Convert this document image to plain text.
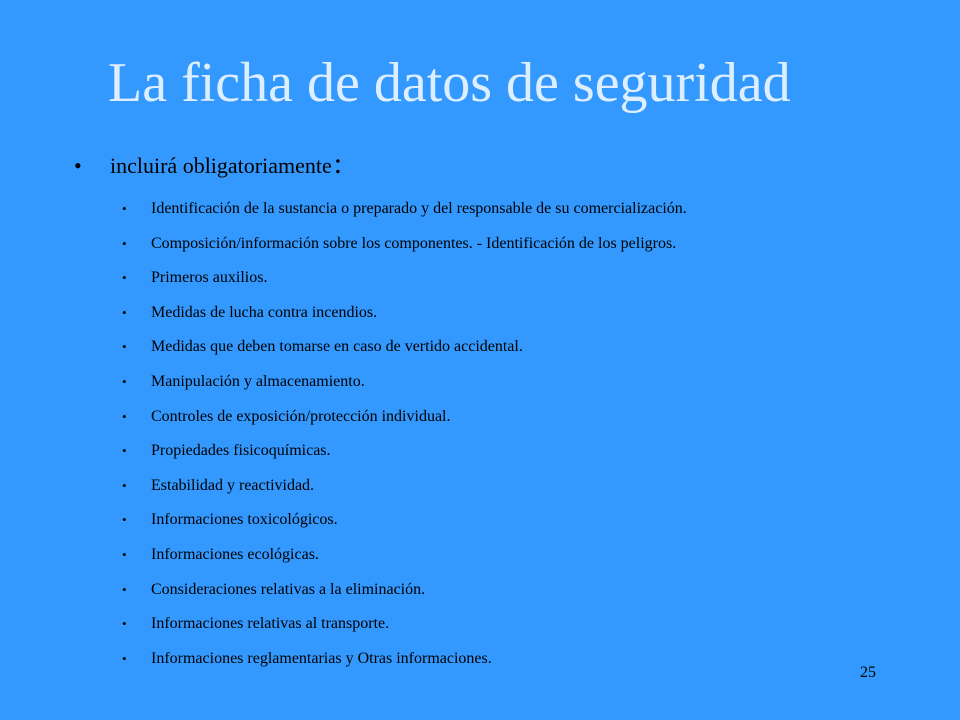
La ficha de datos de seguridad
• incluirá obligatoriamente:
•	Identificación de la sustancia o preparado y del responsable de su comercialización.
•	Composición/información sobre los componentes. - Identificación de los peligros.
•	Primeros auxilios.
•	Medidas de lucha contra incendios.
•	Medidas que deben tomarse en caso de vertido accidental.
•	Manipulación y almacenamiento.
•	Controles de exposición/protección individual.
•	Propiedades fisicoquímicas.
•	Estabilidad y reactividad.
•	Informaciones toxicológicos.
•	Informaciones ecológicas.
•	Consideraciones relativas a la eliminación.
•	Informaciones relativas al transporte.
•	Informaciones reglamentarias y Otras informaciones.
25
